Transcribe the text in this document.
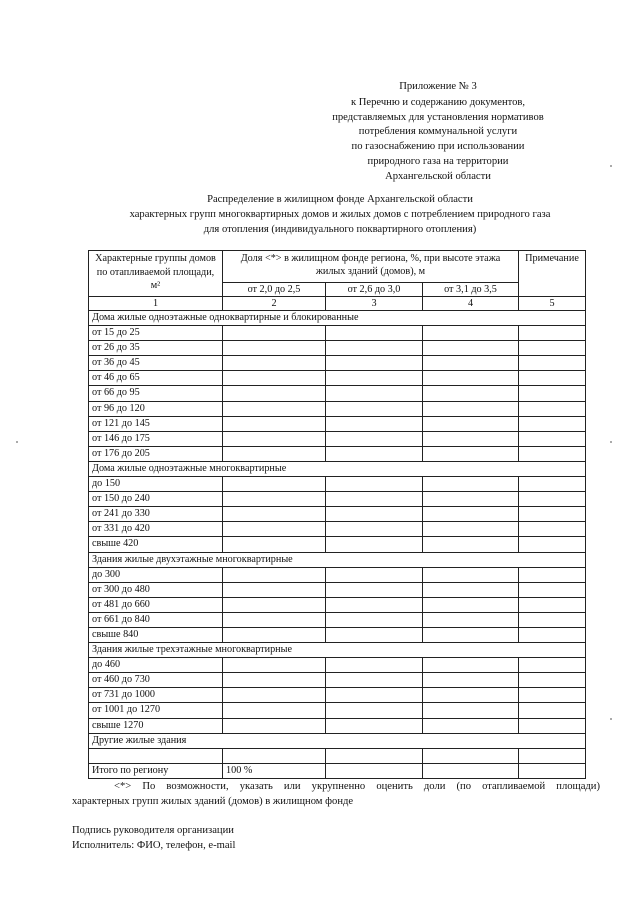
Приложение № 3
к Перечню и содержанию документов,
представляемых для установления нормативов
потребления коммунальной услуги
по газоснабжению при использовании
природного газа на территории
Архангельской области
Распределение в жилищном фонде Архангельской области
характерных групп многоквартирных домов и жилых домов с потреблением природного газа
для отопления (индивидуального поквартирного отопления)
Характерные группы домов по отапливаемой площади, м²	Доля <*> в жилищном фонде региона, %, при высоте этажа жилых зданий (домов), м			Примечание
	от 2,0 до 2,5	от 2,6 до 3,0	от 3,1 до 3,5	

1	2	3	4	5
Дома жилые одноэтажные одноквартирные и блокированные				
от 15 до 25				
от 26 до 35				
от 36 до 45				
от 46 до 65				
от 66 до 95				
от 96 до 120				
от 121 до 145				
от 146 до 175				
от 176 до 205				
Дома жилые одноэтажные многоквартирные				
до 150				
от 150 до 240				
от 241 до 330				
от 331 до 420				
свыше 420				
Здания жилые двухэтажные многоквартирные				
до 300				
от 300 до 480				
от 481 до 660				
от 661 до 840				
свыше 840				
Здания жилые трехэтажные многоквартирные				
до 460				
от 460 до 730				
от 731 до 1000				
от 1001 до 1270				
свыше 1270				
Другие жилые здания				

Итого по региону	100 %			
<*> По возможности, указать или укрупненно оценить доли (по отапливаемой площади)
характерных групп жилых зданий (домов) в жилищном фонде
Подпись руководителя организации
Исполнитель: ФИО, телефон, e-mail
